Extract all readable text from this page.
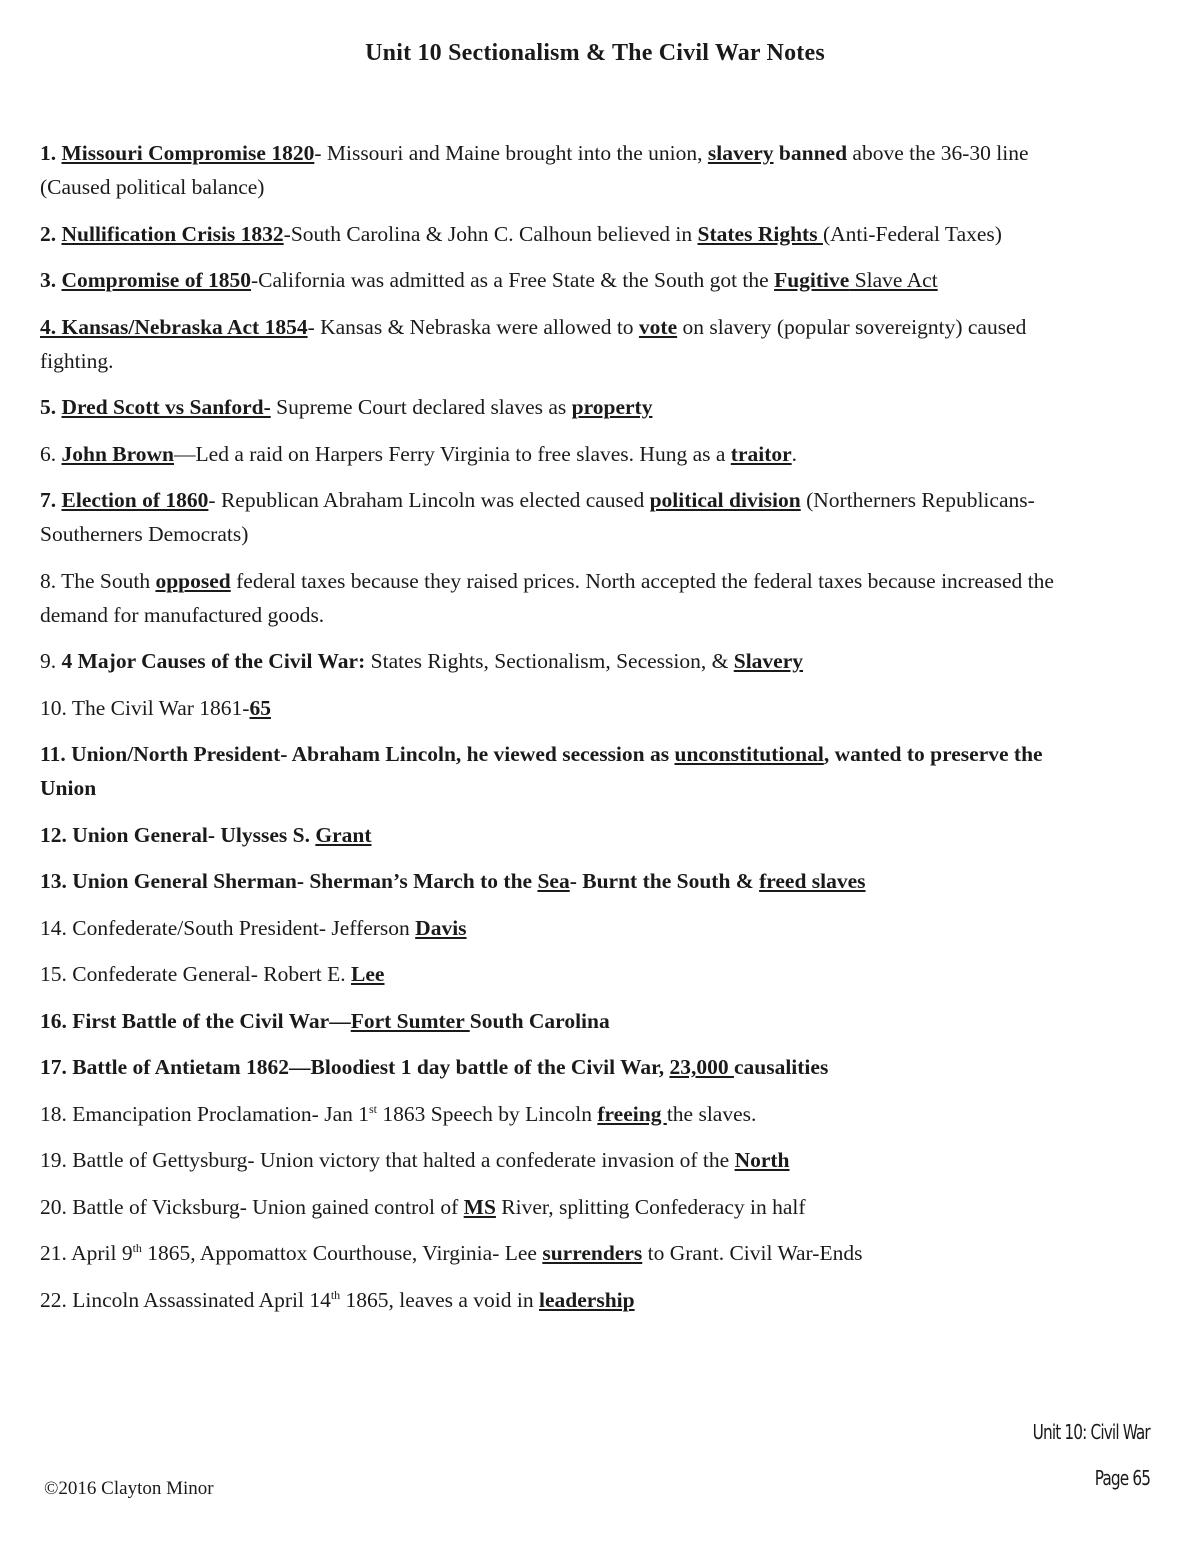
Unit 10 Sectionalism & The Civil War Notes

1. Missouri Compromise 1820- Missouri and Maine brought into the union, slavery banned above the 36-30 line (Caused political balance)

2. Nullification Crisis 1832-South Carolina & John C. Calhoun believed in States Rights (Anti-Federal Taxes)

3. Compromise of 1850-California was admitted as a Free State & the South got the Fugitive Slave Act

4. Kansas/Nebraska Act 1854- Kansas & Nebraska were allowed to vote on slavery (popular sovereignty) caused fighting.

5. Dred Scott vs Sanford- Supreme Court declared slaves as property

6. John Brown—Led a raid on Harpers Ferry Virginia to free slaves. Hung as a traitor.

7. Election of 1860- Republican Abraham Lincoln was elected caused political division (Northerners Republicans-Southerners Democrats)

8. The South opposed federal taxes because they raised prices. North accepted the federal taxes because increased the demand for manufactured goods.

9. 4 Major Causes of the Civil War: States Rights, Sectionalism, Secession, & Slavery

10. The Civil War 1861-65

11. Union/North President- Abraham Lincoln, he viewed secession as unconstitutional, wanted to preserve the Union

12. Union General- Ulysses S. Grant

13. Union General Sherman- Sherman’s March to the Sea- Burnt the South & freed slaves

14. Confederate/South President- Jefferson Davis

15. Confederate General- Robert E. Lee

16. First Battle of the Civil War—Fort Sumter South Carolina

17. Battle of Antietam 1862—Bloodiest 1 day battle of the Civil War, 23,000 causalities

18. Emancipation Proclamation- Jan 1st 1863 Speech by Lincoln freeing the slaves.

19. Battle of Gettysburg- Union victory that halted a confederate invasion of the North

20. Battle of Vicksburg- Union gained control of MS River, splitting Confederacy in half

21. April 9th 1865, Appomattox Courthouse, Virginia- Lee surrenders to Grant. Civil War-Ends

22. Lincoln Assassinated April 14th 1865, leaves a void in leadership

Unit 10: Civil War
Page 65
©2016 Clayton Minor
